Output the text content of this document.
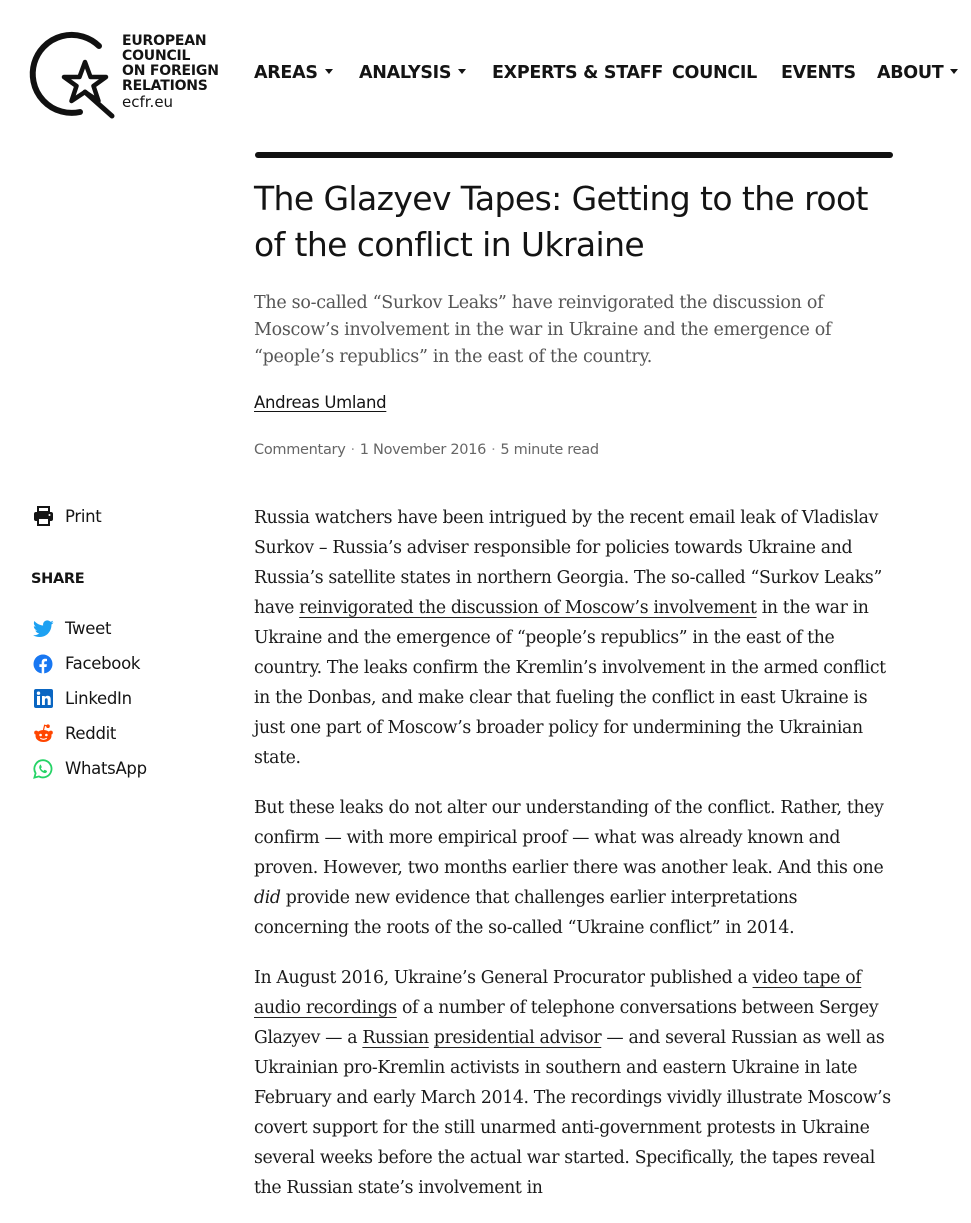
EUROPEAN
COUNCIL
ON FOREIGN
RELATIONS
ecfr.eu
AREAS	ANALYSIS	EXPERTS & STAFF COUNCIL EVENTS ABOUT
The Glazyev Tapes: Getting to the root of the conflict in Ukraine

The so-called “Surkov Leaks” have reinvigorated the discussion of Moscow’s involvement in the war in Ukraine and the emergence of “people’s republics” in the east of the country.

Andreas Umland
Commentary · 1 November 2016 · 5 minute read
Print
SHARE
Tweet
Facebook
LinkedIn
Reddit
WhatsApp

Russia watchers have been intrigued by the recent email leak of Vladislav Surkov – Russia’s adviser responsible for policies towards Ukraine and Russia’s satellite states in northern Georgia. The so-called “Surkov Leaks” have reinvigorated the discussion of Moscow’s involvement in the war in Ukraine and the emergence of “people’s republics” in the east of the country. The leaks confirm the Kremlin’s involvement in the armed conflict in the Donbas, and make clear that fueling the conflict in east Ukraine is just one part of Moscow’s broader policy for undermining the Ukrainian state.

But these leaks do not alter our understanding of the conflict. Rather, they confirm — with more empirical proof — what was already known and proven. However, two months earlier there was another leak. And this one did provide new evidence that challenges earlier interpretations concerning the roots of the so-called “Ukraine conflict” in 2014.

In August 2016, Ukraine’s General Procurator published a video tape of audio recordings of a number of telephone conversations between Sergey Glazyev — a Russian presidential advisor — and several Russian as well as Ukrainian pro-Kremlin activists in southern and eastern Ukraine in late February and early March 2014. The recordings vividly illustrate Moscow’s covert support for the still unarmed anti-government protests in Ukraine several weeks before the actual war started. Specifically, the tapes reveal the Russian state’s involvement in
